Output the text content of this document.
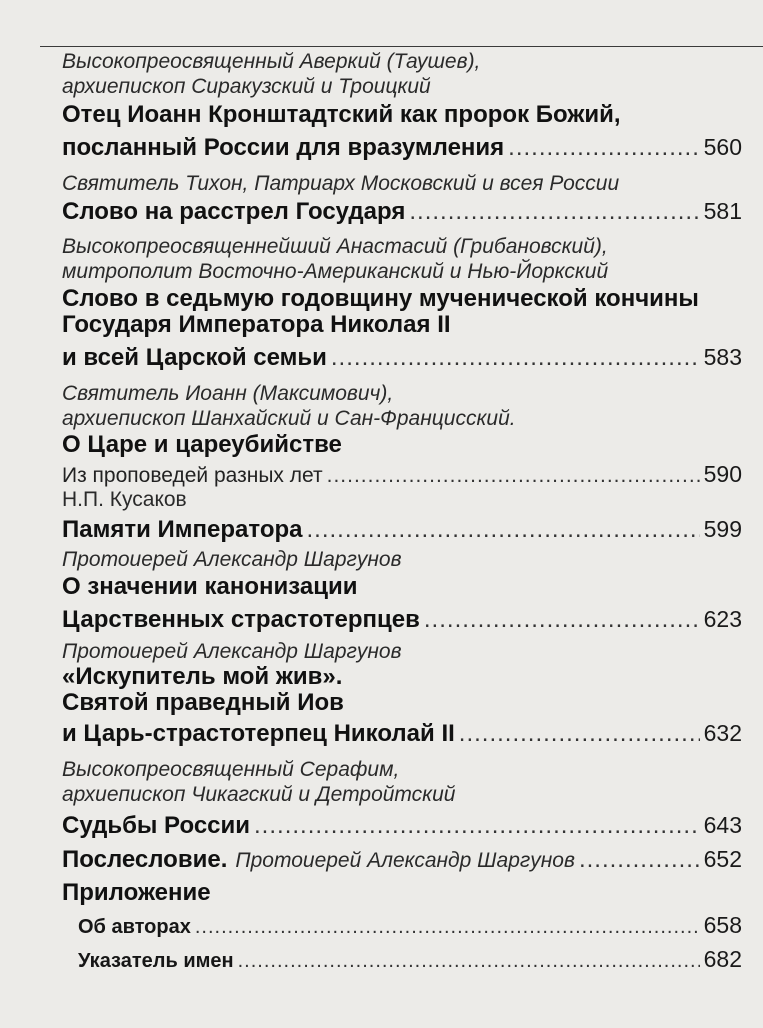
Высокопреосвященный Аверкий (Таушев),
архиепископ Сиракузский и Троицкий
Отец Иоанн Кронштадтский как пророк Божий,
посланный России для вразумления .....	560
Святитель Тихон, Патриарх Московский и всея России
Слово на расстрел Государя .....	581
Высокопреосвященнейший Анастасий (Грибановский),
митрополит Восточно-Американский и Нью-Йоркский
Слово в седьмую годовщину мученической кончины
Государя Императора Николая II
и всей Царской семьи .....	583
Святитель Иоанн (Максимович),
архиепископ Шанхайский и Сан-Францисский.
О Царе и цареубийстве
Из проповедей разных лет .....	590
Н.П. Кусаков
Памяти Императора .....	599
Протоиерей Александр Шаргунов
О значении канонизации
Царственных страстотерпцев .....	623
Протоиерей Александр Шаргунов
«Искупитель мой жив».
Святой праведный Иов
и Царь-страстотерпец Николай II .....	632
Высокопреосвященный Серафим,
архиепископ Чикагский и Детройтский
Судьбы России .....	643
Послесловие. Протоиерей Александр Шаргунов .....	652
Приложение
Об авторах .....	658
Указатель имен .....	682
